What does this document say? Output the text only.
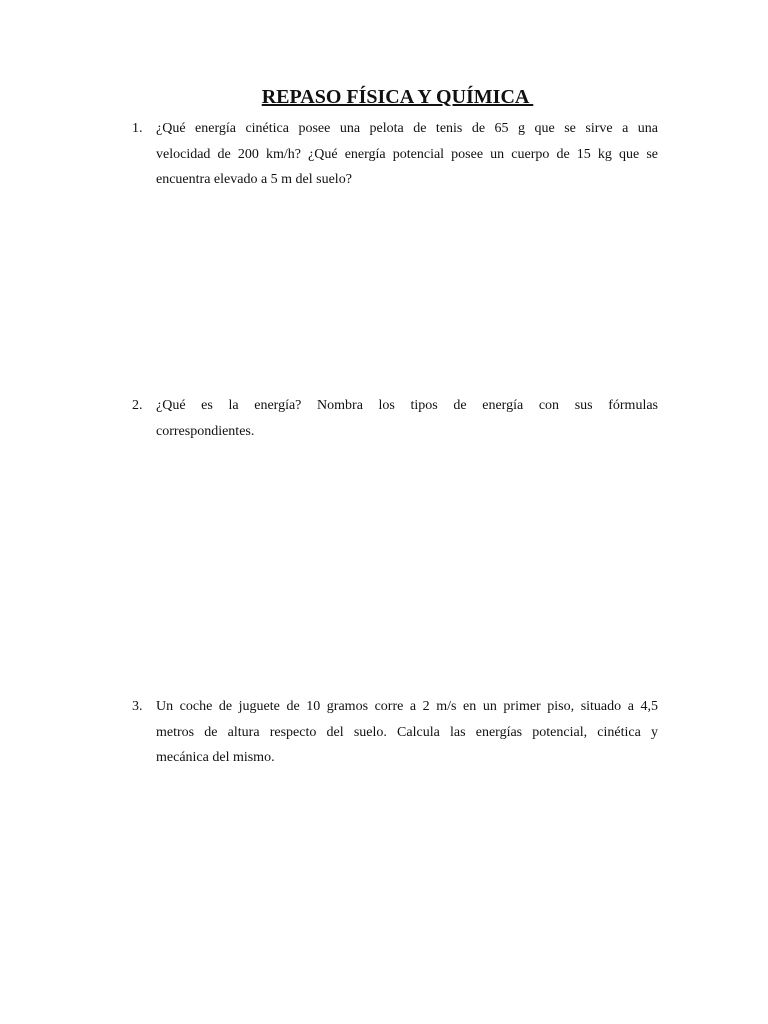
REPASO FÍSICA Y QUÍMICA
1. ¿Qué energía cinética posee una pelota de tenis de 65 g que se sirve a una
velocidad de 200 km/h? ¿Qué energía potencial posee un cuerpo de 15 kg que se
encuentra elevado a 5 m del suelo?
2. ¿Qué es la energía? Nombra los tipos de energía con sus fórmulas
correspondientes.
3. Un coche de juguete de 10 gramos corre a 2 m/s en un primer piso, situado a 4,5
metros de altura respecto del suelo. Calcula las energías potencial, cinética y
mecánica del mismo.
